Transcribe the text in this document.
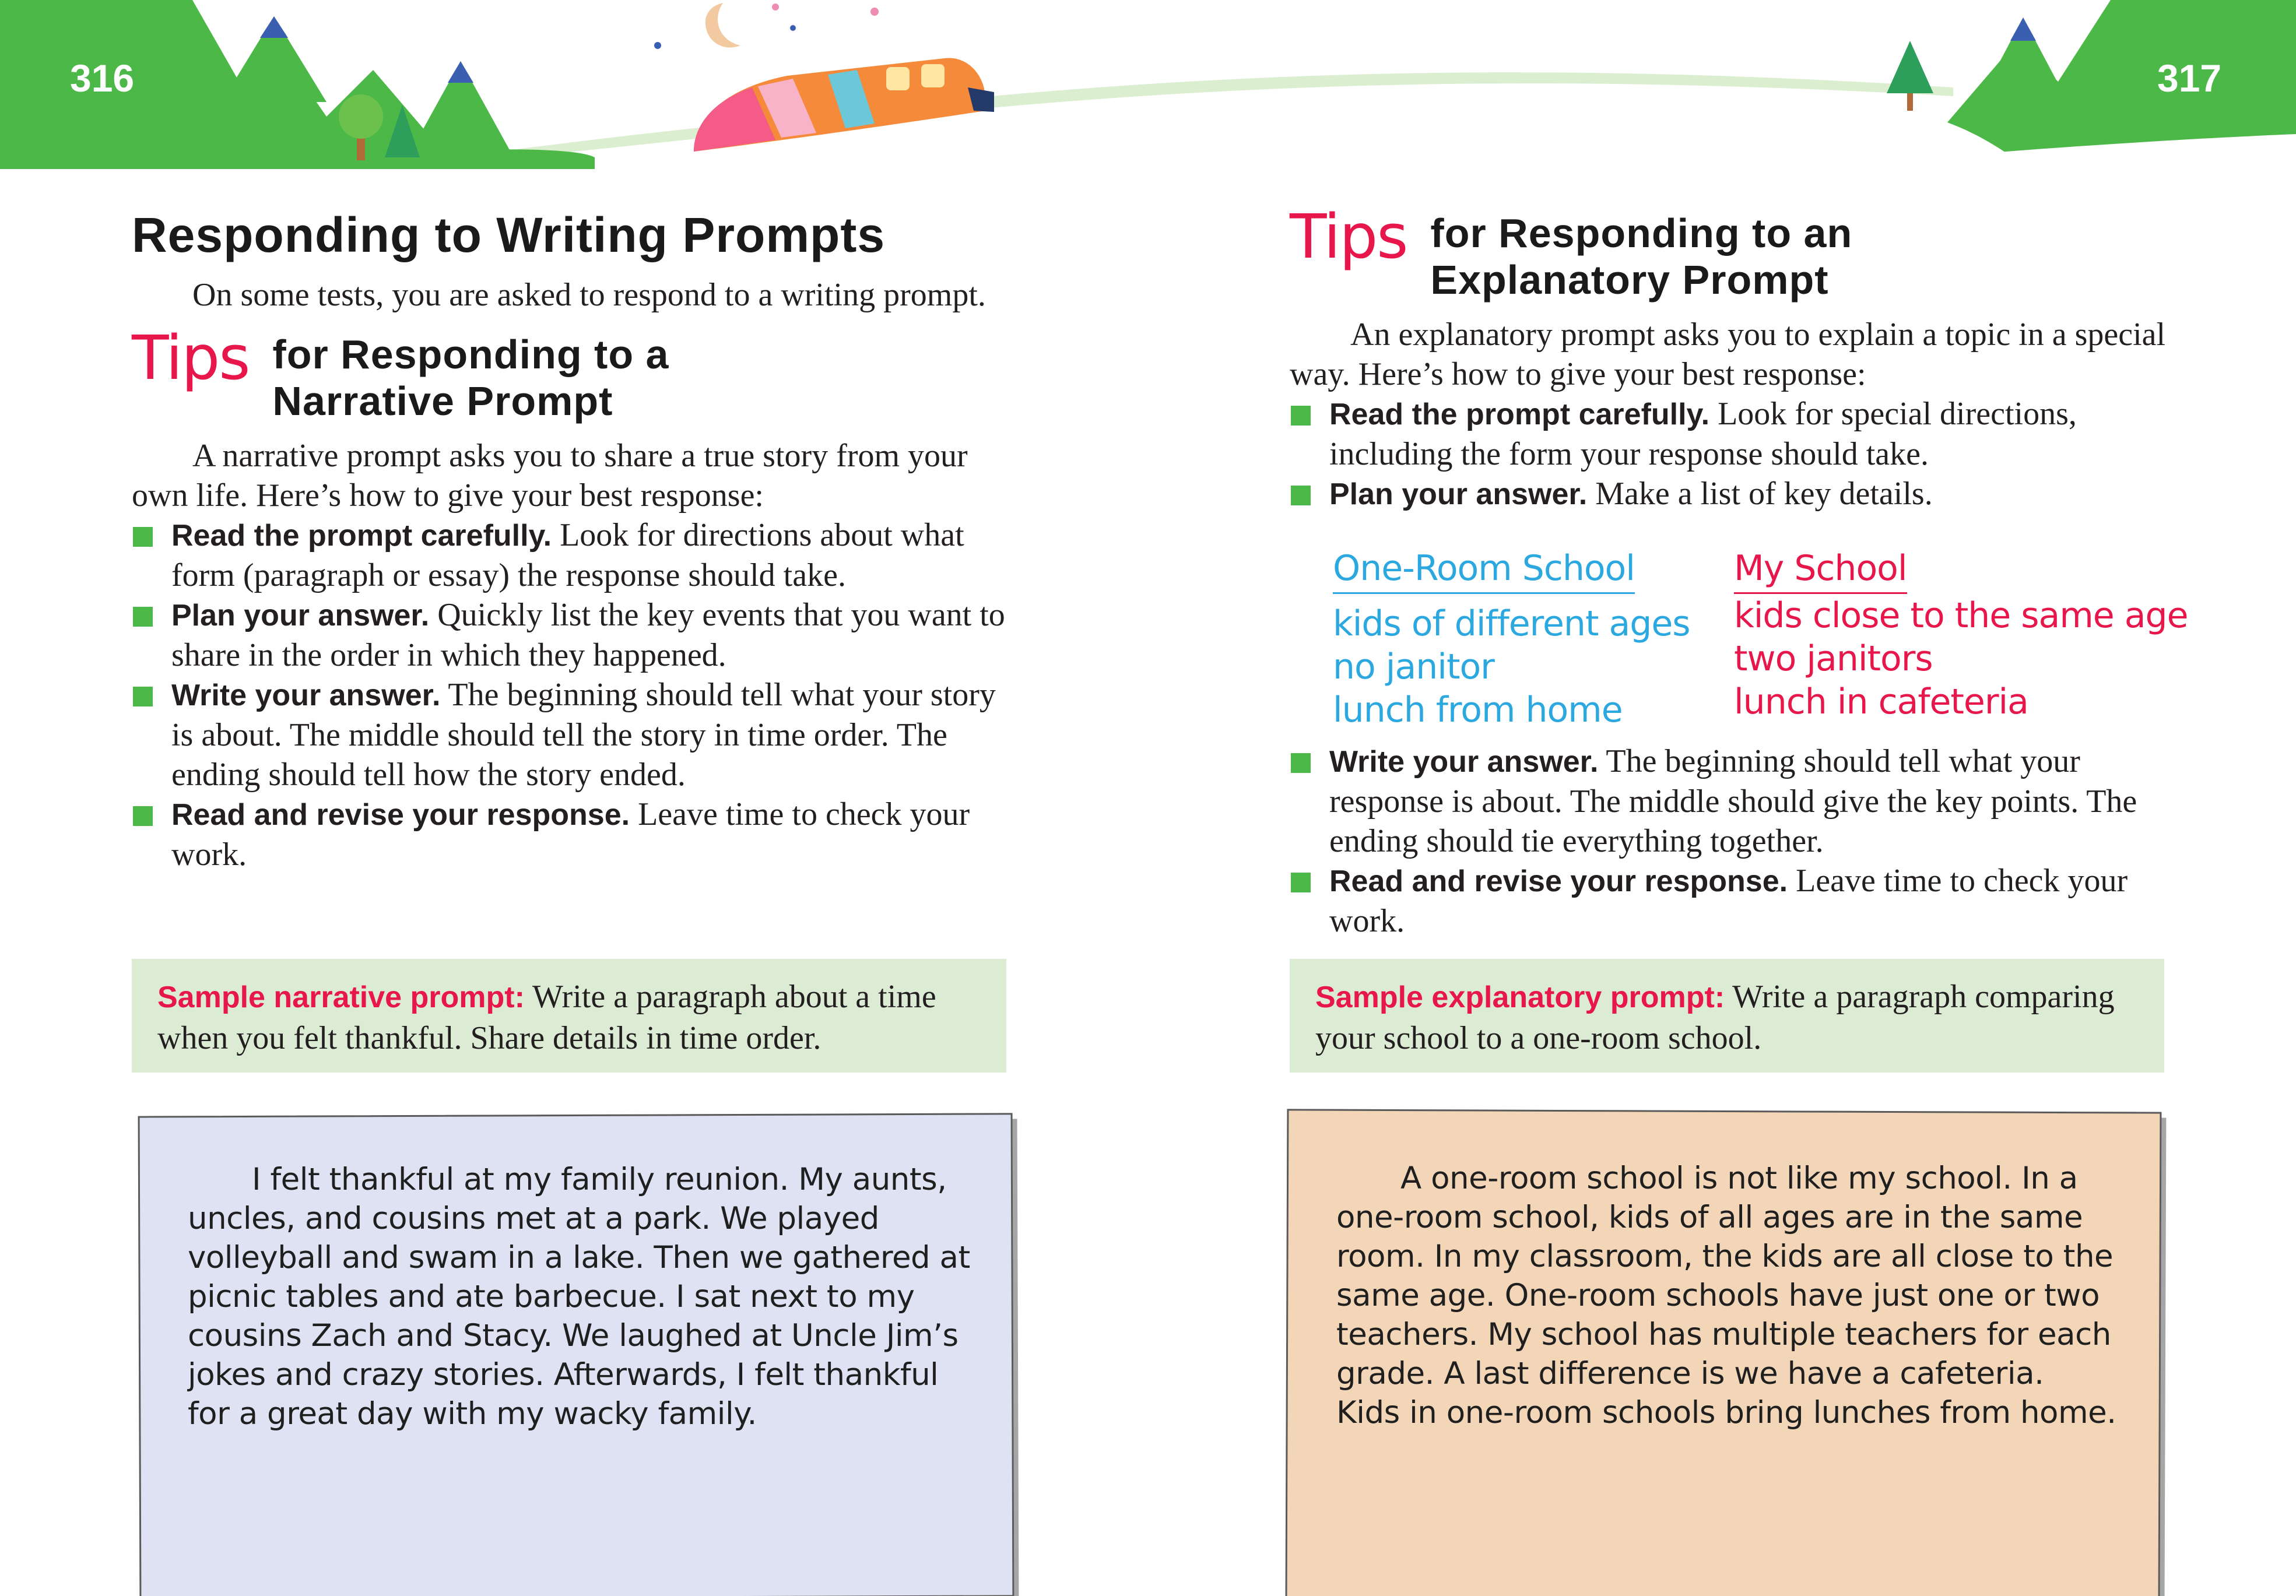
316	317
Responding to Writing Prompts

On some tests, you are asked to respond to a writing prompt.

Tips for Responding to a
Narrative Prompt

A narrative prompt asks you to share a true story from your own life. Here’s how to give your best response:

Read the prompt carefully. Look for directions about what form (paragraph or essay) the response should take.
Plan your answer. Quickly list the key events that you want to share in the order in which they happened.
Write your answer. The beginning should tell what your story is about. The middle should tell the story in time order. The ending should tell how the story ended.
Read and revise your response. Leave time to check your work.
Sample narrative prompt: Write a paragraph about a time when you felt thankful. Share details in time order.
I felt thankful at my family reunion. My aunts,
uncles, and cousins met at a park. We played
volleyball and swam in a lake. Then we gathered at
picnic tables and ate barbecue. I sat next to my
cousins Zach and Stacy. We laughed at Uncle Jim’s
jokes and crazy stories. Afterwards, I felt thankful
for a great day with my wacky family.
Tips for Responding to an
Explanatory Prompt

An explanatory prompt asks you to explain a topic in a special way. Here’s how to give your best response:

Read the prompt carefully. Look for special directions, including the form your response should take.
Plan your answer. Make a list of key details.
One-Room School
kids of different ages
no janitor
lunch from home
My School
kids close to the same age
two janitors
lunch in cafeteria
Write your answer. The beginning should tell what your response is about. The middle should give the key points. The ending should tie everything together.
Read and revise your response. Leave time to check your work.
Sample explanatory prompt: Write a paragraph comparing your school to a one-room school.
A one-room school is not like my school. In a
one-room school, kids of all ages are in the same
room. In my classroom, the kids are all close to the
same age. One-room schools have just one or two
teachers. My school has multiple teachers for each
grade. A last difference is we have a cafeteria.
Kids in one-room schools bring lunches from home.
